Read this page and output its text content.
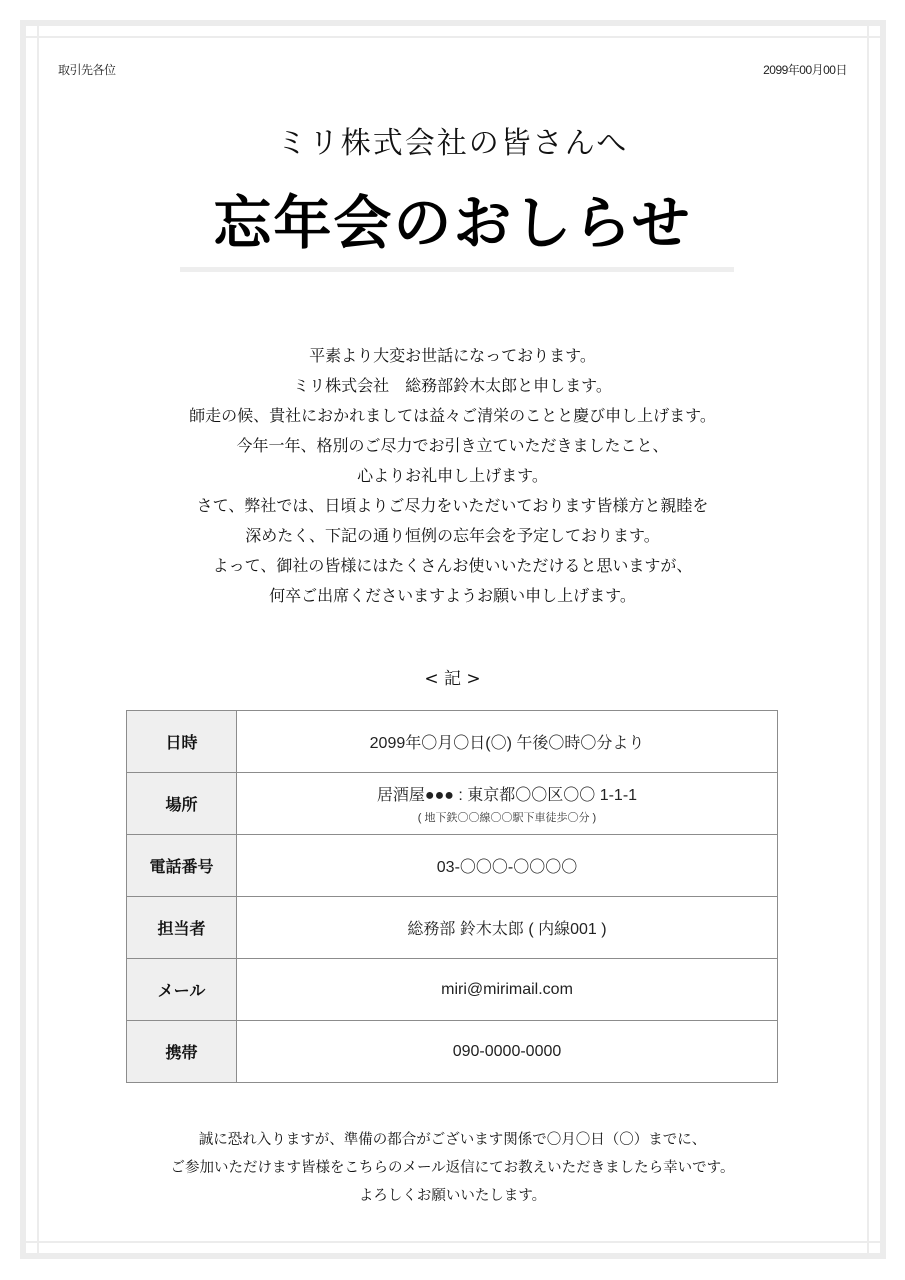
取引先各位	2099年00月00日
ミリ株式会社の皆さんへ
忘年会のおしらせ
平素より大変お世話になっております。
ミリ株式会社　総務部鈴木太郎と申します。
師走の候、貴社におかれましては益々ご清栄のことと慶び申し上げます。
今年一年、格別のご尽力でお引き立ていただきましたこと、
心よりお礼申し上げます。
さて、弊社では、日頃よりご尽力をいただいております皆様方と親睦を
深めたく、下記の通り恒例の忘年会を予定しております。
よって、御社の皆様にはたくさんお使いいただけると思いますが、
何卒ご出席くださいますようお願い申し上げます。
< 記 >
日時	2099年〇月〇日(〇) 午後〇時〇分より
場所	居酒屋●●● : 東京都〇〇区〇〇 1-1-1
( 地下鉄〇〇線〇〇駅下車徒歩〇分 )

電話番号	03-〇〇〇-〇〇〇〇
担当者	総務部 鈴木太郎 ( 内線001 )
メール	miri@mirimail.com
携帯	090-0000-0000
誠に恐れ入りますが、準備の都合がございます関係で〇月〇日（〇）までに、
ご参加いただけます皆様をこちらのメール返信にてお教えいただきましたら幸いです。
よろしくお願いいたします。
